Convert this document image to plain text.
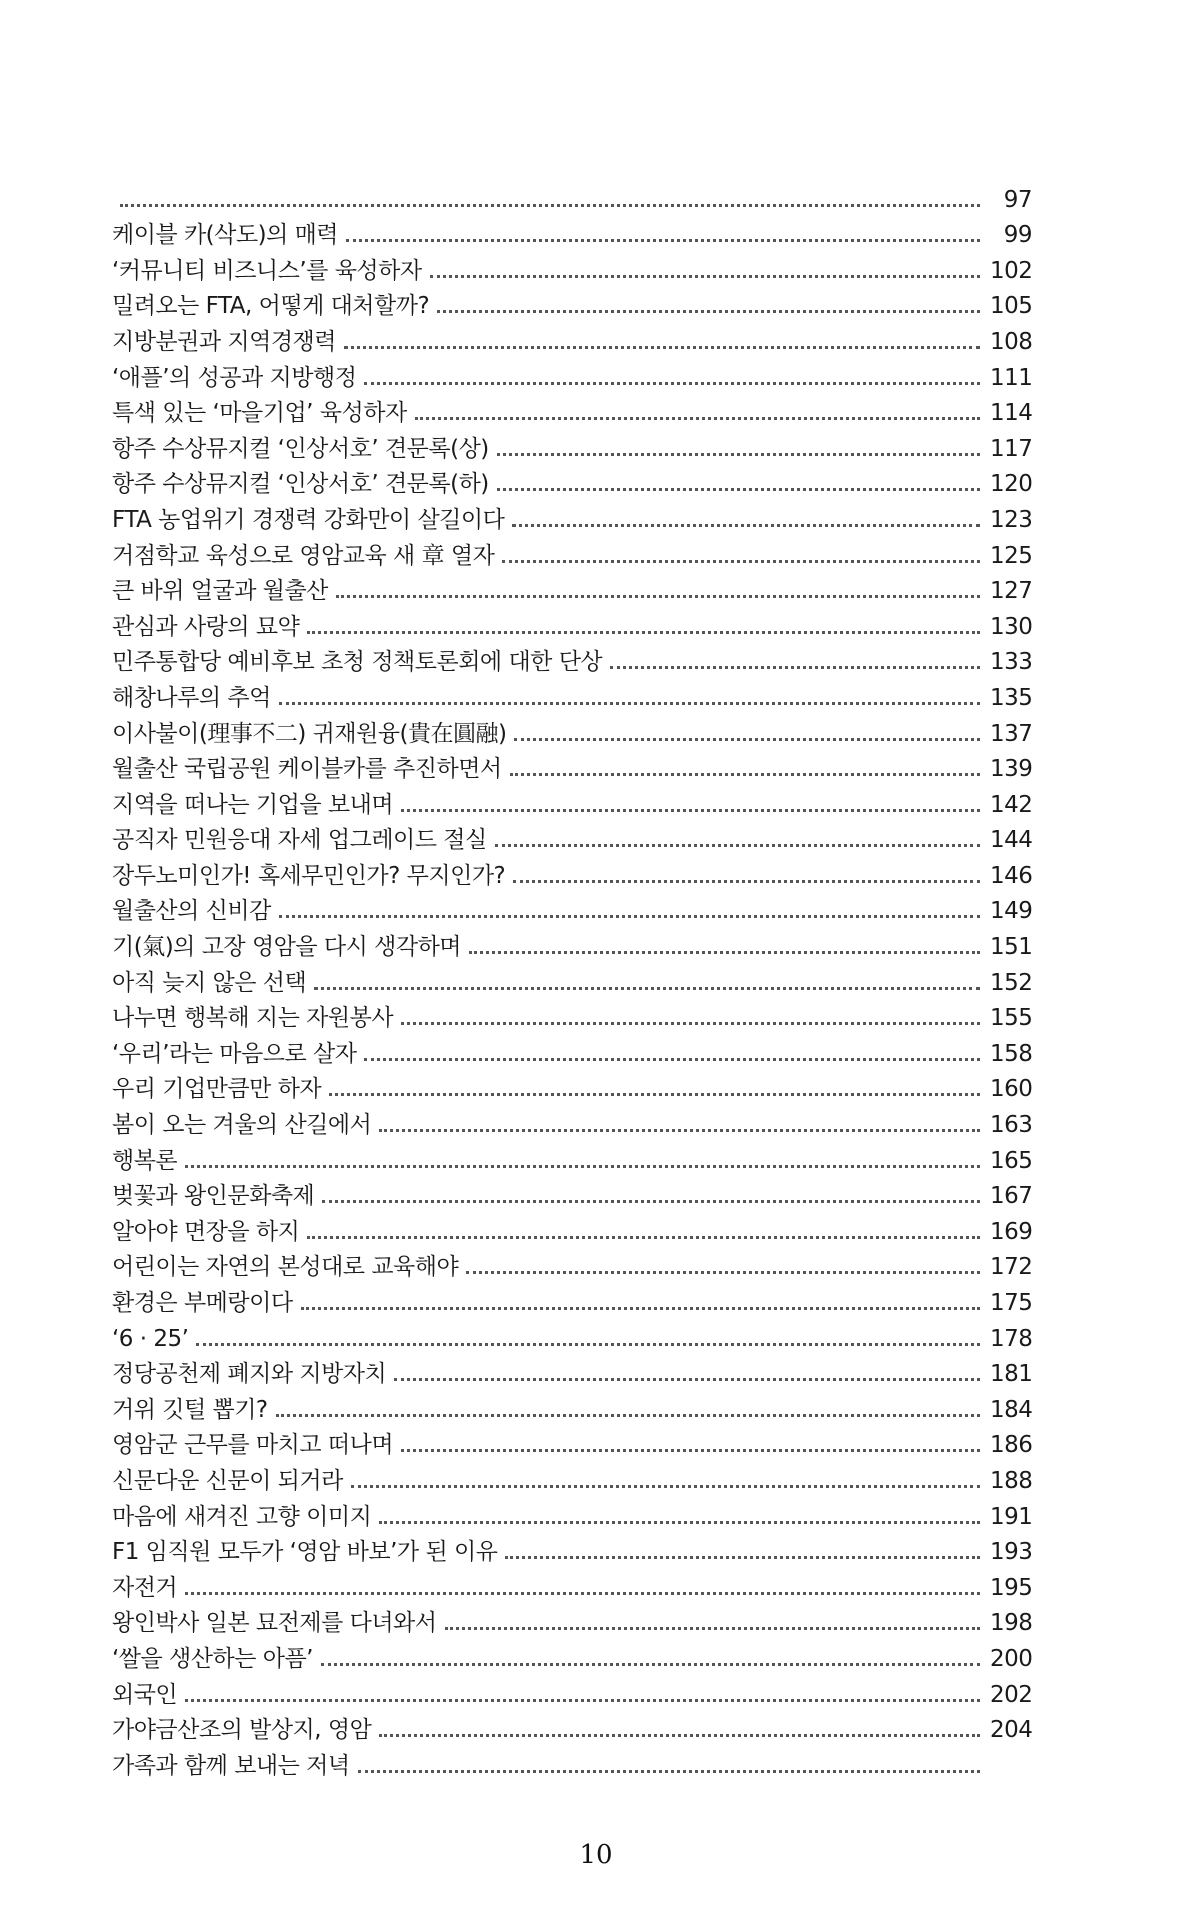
97
케이블 카(삭도)의 매력	99
‘커뮤니티 비즈니스’를 육성하자	102
밀려오는 FTA, 어떻게 대처할까?	105
지방분권과 지역경쟁력	108
‘애플’의 성공과 지방행정	111
특색 있는 ‘마을기업’ 육성하자	114
항주 수상뮤지컬 ‘인상서호’ 견문록(상)	117
항주 수상뮤지컬 ‘인상서호’ 견문록(하)	120
FTA 농업위기 경쟁력 강화만이 살길이다	123
거점학교 육성으로 영암교육 새 章 열자	125
큰 바위 얼굴과 월출산	127
관심과 사랑의 묘약	130
민주통합당 예비후보 초청 정책토론회에 대한 단상	133
해창나루의 추억	135
이사불이(理事不二) 귀재원융(貴在圓融)	137
월출산 국립공원 케이블카를 추진하면서	139
지역을 떠나는 기업을 보내며	142
공직자 민원응대 자세 업그레이드 절실	144
장두노미인가! 혹세무민인가? 무지인가?	146
월출산의 신비감	149
기(氣)의 고장 영암을 다시 생각하며	151
아직 늦지 않은 선택	152
나누면 행복해 지는 자원봉사	155
‘우리’라는 마음으로 살자	158
우리 기업만큼만 하자	160
봄이 오는 겨울의 산길에서	163
행복론	165
벚꽃과 왕인문화축제	167
알아야 면장을 하지	169
어린이는 자연의 본성대로 교육해야	172
환경은 부메랑이다	175
‘6 · 25’	178
정당공천제 폐지와 지방자치	181
거위 깃털 뽑기?	184
영암군 근무를 마치고 떠나며	186
신문다운 신문이 되거라	188
마음에 새겨진 고향 이미지	191
F1 임직원 모두가 ‘영암 바보’가 된 이유	193
자전거	195
왕인박사 일본 묘전제를 다녀와서	198
‘쌀을 생산하는 아픔’	200
외국인	202
가야금산조의 발상지, 영암	204
가족과 함께 보내는 저녁
10
